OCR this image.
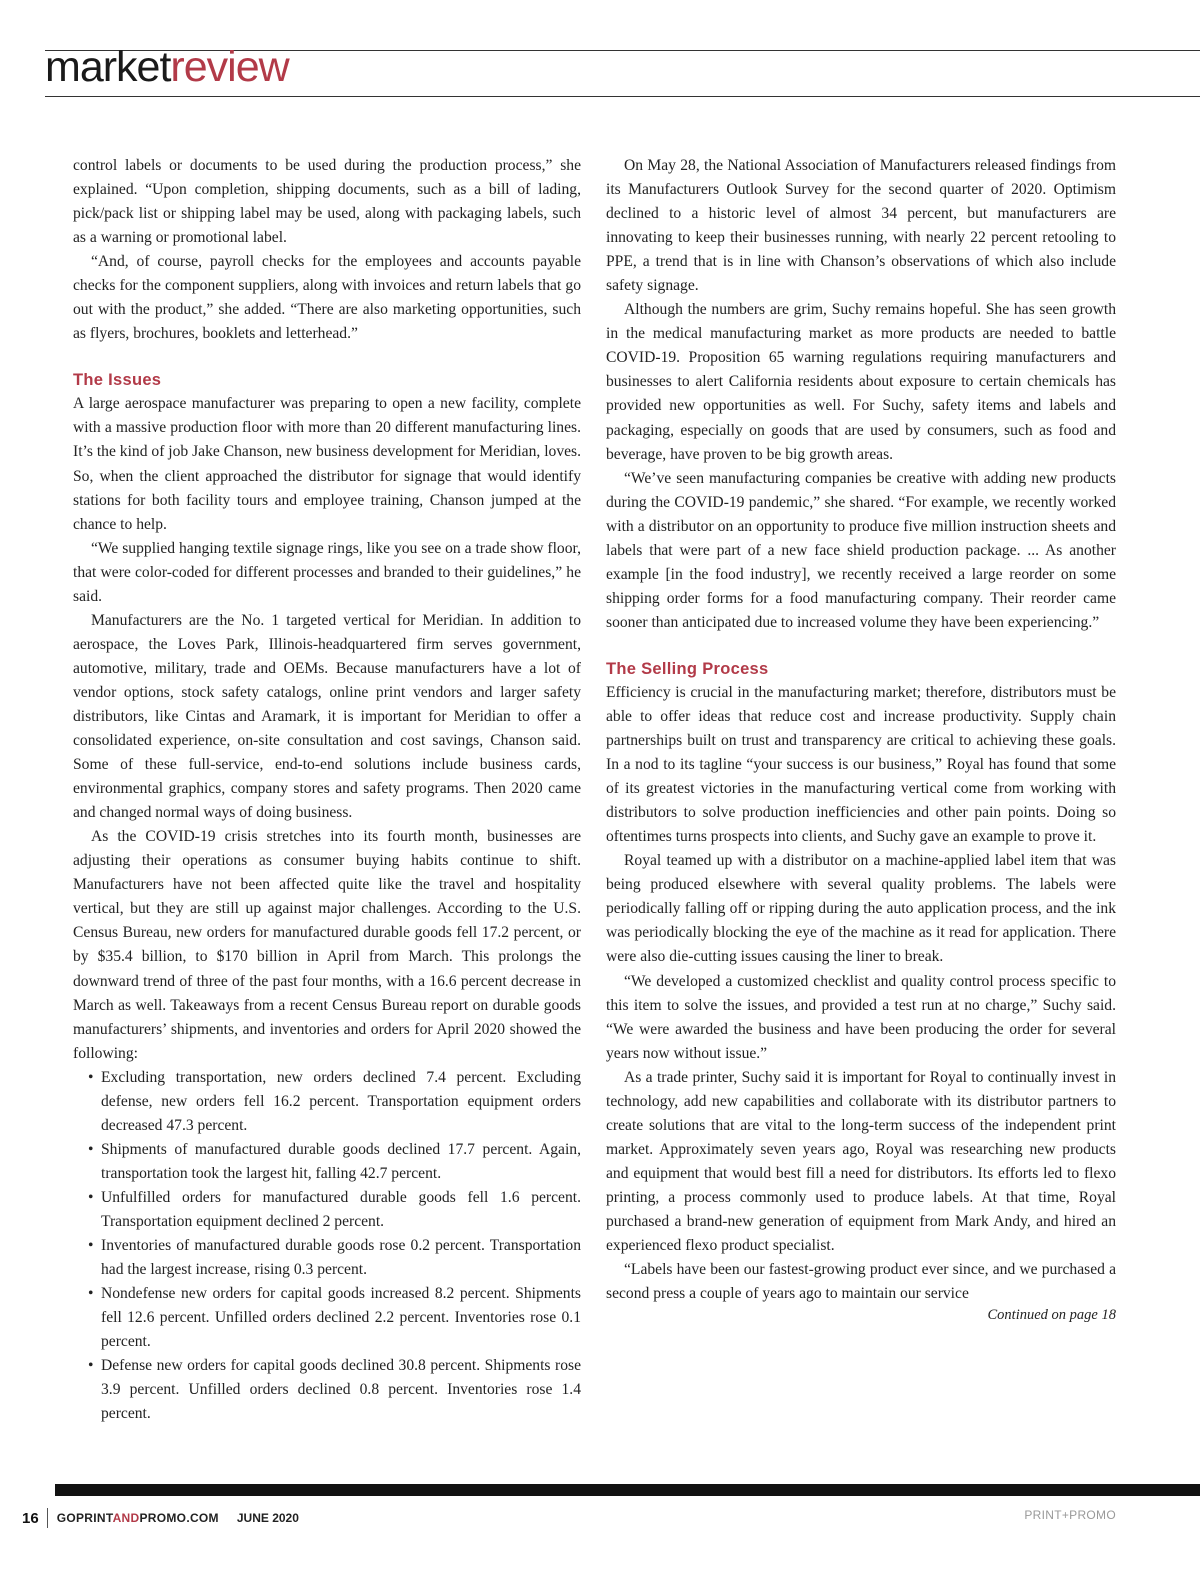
marketreview

control labels or documents to be used during the production process,” she explained. “Upon completion, shipping documents, such as a bill of lading, pick/pack list or shipping label may be used, along with packaging labels, such as a warning or promotional label.

“And, of course, payroll checks for the employees and accounts payable checks for the component suppliers, along with invoices and return labels that go out with the product,” she added. “There are also marketing opportunities, such as flyers, brochures, booklets and letterhead.”

The Issues

A large aerospace manufacturer was preparing to open a new facility, complete with a massive production floor with more than 20 different manufacturing lines. It’s the kind of job Jake Chanson, new business development for Meridian, loves. So, when the client approached the distributor for signage that would identify stations for both facility tours and employee training, Chanson jumped at the chance to help.

“We supplied hanging textile signage rings, like you see on a trade show floor, that were color-coded for different processes and branded to their guidelines,” he said.

Manufacturers are the No. 1 targeted vertical for Meridian. In addition to aerospace, the Loves Park, Illinois-headquartered firm serves government, automotive, military, trade and OEMs. Because manufacturers have a lot of vendor options, stock safety catalogs, online print vendors and larger safety distributors, like Cintas and Aramark, it is important for Meridian to offer a consolidated experience, on-site consultation and cost savings, Chanson said. Some of these full-service, end-to-end solutions include business cards, environmental graphics, company stores and safety programs. Then 2020 came and changed normal ways of doing business.

As the COVID-19 crisis stretches into its fourth month, businesses are adjusting their operations as consumer buying habits continue to shift. Manufacturers have not been affected quite like the travel and hospitality vertical, but they are still up against major challenges. According to the U.S. Census Bureau, new orders for manufactured durable goods fell 17.2 percent, or by $35.4 billion, to $170 billion in April from March. This prolongs the downward trend of three of the past four months, with a 16.6 percent decrease in March as well. Takeaways from a recent Census Bureau report on durable goods manufacturers’ shipments, and inventories and orders for April 2020 showed the following:

• Excluding transportation, new orders declined 7.4 percent. Excluding defense, new orders fell 16.2 percent. Transportation equipment orders decreased 47.3 percent.
• Shipments of manufactured durable goods declined 17.7 percent. Again, transportation took the largest hit, falling 42.7 percent.
• Unfulfilled orders for manufactured durable goods fell 1.6 percent. Transportation equipment declined 2 percent.
• Inventories of manufactured durable goods rose 0.2 percent. Transportation had the largest increase, rising 0.3 percent.
• Nondefense new orders for capital goods increased 8.2 percent. Shipments fell 12.6 percent. Unfilled orders declined 2.2 percent. Inventories rose 0.1 percent.
• Defense new orders for capital goods declined 30.8 percent. Shipments rose 3.9 percent. Unfilled orders declined 0.8 percent. Inventories rose 1.4 percent.

On May 28, the National Association of Manufacturers released findings from its Manufacturers Outlook Survey for the second quarter of 2020. Optimism declined to a historic level of almost 34 percent, but manufacturers are innovating to keep their businesses running, with nearly 22 percent retooling to PPE, a trend that is in line with Chanson’s observations of which also include safety signage.

Although the numbers are grim, Suchy remains hopeful. She has seen growth in the medical manufacturing market as more products are needed to battle COVID-19. Proposition 65 warning regulations requiring manufacturers and businesses to alert California residents about exposure to certain chemicals has provided new opportunities as well. For Suchy, safety items and labels and packaging, especially on goods that are used by consumers, such as food and beverage, have proven to be big growth areas.

“We’ve seen manufacturing companies be creative with adding new products during the COVID-19 pandemic,” she shared. “For example, we recently worked with a distributor on an opportunity to produce five million instruction sheets and labels that were part of a new face shield production package. ... As another example [in the food industry], we recently received a large reorder on some shipping order forms for a food manufacturing company. Their reorder came sooner than anticipated due to increased volume they have been experiencing.”

The Selling Process

Efficiency is crucial in the manufacturing market; therefore, distributors must be able to offer ideas that reduce cost and increase productivity. Supply chain partnerships built on trust and transparency are critical to achieving these goals. In a nod to its tagline “your success is our business,” Royal has found that some of its greatest victories in the manufacturing vertical come from working with distributors to solve production inefficiencies and other pain points. Doing so oftentimes turns prospects into clients, and Suchy gave an example to prove it.

Royal teamed up with a distributor on a machine-applied label item that was being produced elsewhere with several quality problems. The labels were periodically falling off or ripping during the auto application process, and the ink was periodically blocking the eye of the machine as it read for application. There were also die-cutting issues causing the liner to break.

“We developed a customized checklist and quality control process specific to this item to solve the issues, and provided a test run at no charge,” Suchy said. “We were awarded the business and have been producing the order for several years now without issue.”

As a trade printer, Suchy said it is important for Royal to continually invest in technology, add new capabilities and collaborate with its distributor partners to create solutions that are vital to the long-term success of the independent print market. Approximately seven years ago, Royal was researching new products and equipment that would best fill a need for distributors. Its efforts led to flexo printing, a process commonly used to produce labels. At that time, Royal purchased a brand-new generation of equipment from Mark Andy, and hired an experienced flexo product specialist.

“Labels have been our fastest-growing product ever since, and we purchased a second press a couple of years ago to maintain our service

Continued on page 18
16	GOPRINTANDPROMO.COM JUNE 2020	PRINT+PROMO
